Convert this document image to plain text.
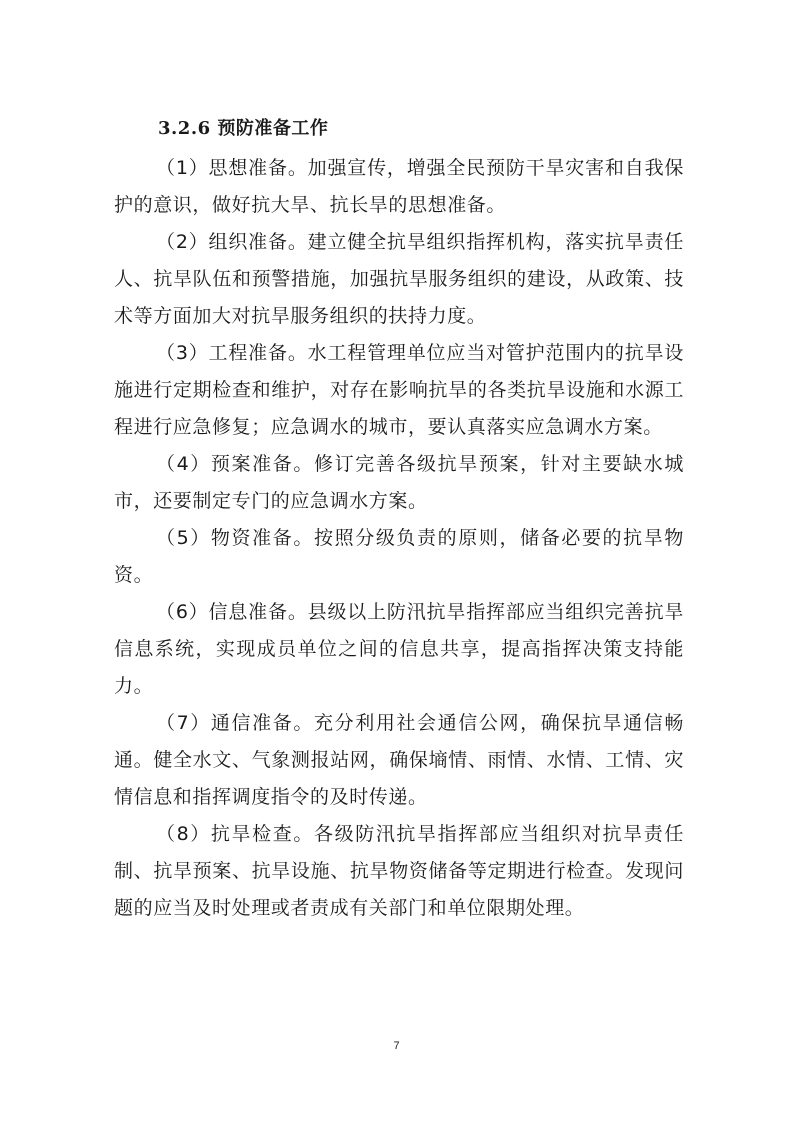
3.2.6 预防准备工作

（1）思想准备。加强宣传，增强全民预防干旱灾害和自我保护的意识，做好抗大旱、抗长旱的思想准备。

（2）组织准备。建立健全抗旱组织指挥机构，落实抗旱责任人、抗旱队伍和预警措施，加强抗旱服务组织的建设，从政策、技术等方面加大对抗旱服务组织的扶持力度。

（3）工程准备。水工程管理单位应当对管护范围内的抗旱设施进行定期检查和维护，对存在影响抗旱的各类抗旱设施和水源工程进行应急修复；应急调水的城市，要认真落实应急调水方案。

（4）预案准备。修订完善各级抗旱预案，针对主要缺水城市，还要制定专门的应急调水方案。

（5）物资准备。按照分级负责的原则，储备必要的抗旱物资。

（6）信息准备。县级以上防汛抗旱指挥部应当组织完善抗旱信息系统，实现成员单位之间的信息共享，提高指挥决策支持能力。

（7）通信准备。充分利用社会通信公网，确保抗旱通信畅通。健全水文、气象测报站网，确保墒情、雨情、水情、工情、灾情信息和指挥调度指令的及时传递。

（8）抗旱检查。各级防汛抗旱指挥部应当组织对抗旱责任制、抗旱预案、抗旱设施、抗旱物资储备等定期进行检查。发现问题的应当及时处理或者责成有关部门和单位限期处理。

7
